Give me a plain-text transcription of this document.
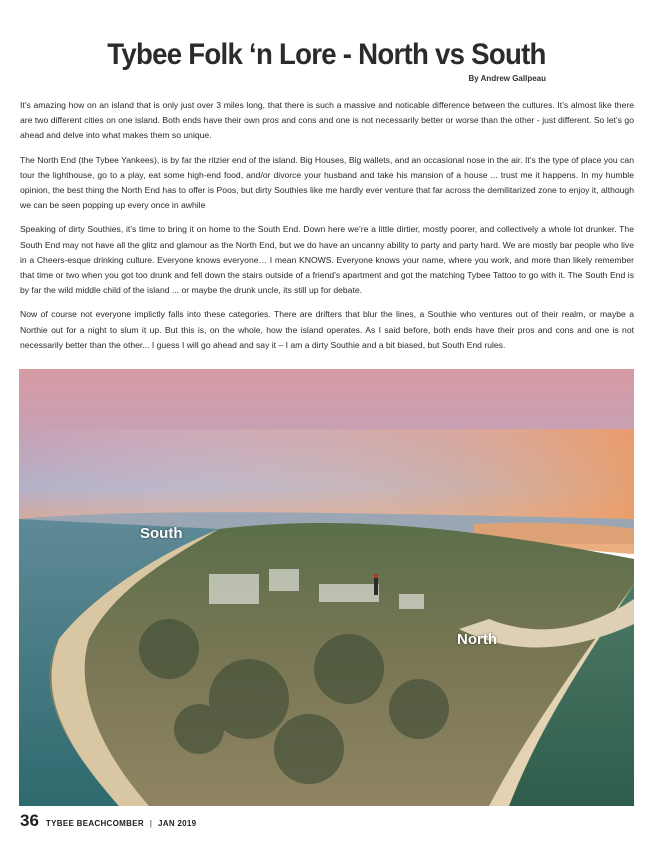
Tybee Folk ‘n Lore - North vs South
By Andrew Gallpeau

It’s amazing how on an island that is only just over 3 miles long, that there is such a massive and noticable difference between the cultures. It’s almost like there are two different cities on one island. Both ends have their own pros and cons and one is not necessarily better or worse than the other - just different. So let’s go ahead and delve into what makes them so unique.

The North End (the Tybee Yankees), is by far the ritzier end of the island. Big Houses, Big wallets, and an occasional nose in the air. It’s the type of place you can tour the lighthouse, go to a play, eat some high-end food, and/or divorce your husband and take his mansion of a house ... trust me it happens. In my humble opinion, the best thing the North End has to offer is Poos, but dirty Southies like me hardly ever venture that far across the demilitarized zone to enjoy it, although we can be seen popping up every once in awhile

Speaking of dirty Southies, it’s time to bring it on home to the South End. Down here we’re a little dirtier, mostly poorer, and collectively a whole lot drunker. The South End may not have all the glitz and glamour as the North End, but we do have an uncanny ability to party and party hard. We are mostly bar people who live in a Cheers-esque drinking culture. Everyone knows everyone… I mean KNOWS. Everyone knows your name, where you work, and more than likely remember that time or two when you got too drunk and fell down the stairs outside of a friend’s apartment and got the matching Tybee Tattoo to go with it. The South End is by far the wild middle child of the island ... or maybe the drunk uncle, its still up for debate.

Now of course not everyone implictly falls into these categories. There are drifters that blur the lines, a Southie who ventures out of their realm, or maybe a Northie out for a night to slum it up. But this is, on the whole, how the island operates. As I said before, both ends have their pros and cons and one is not necessarily better than the other... I guess I will go ahead and say it – I am a dirty Southie and a bit biased, but South End rules.

South
North
36 TYBEE BEACHCOMBER | JAN 2019
